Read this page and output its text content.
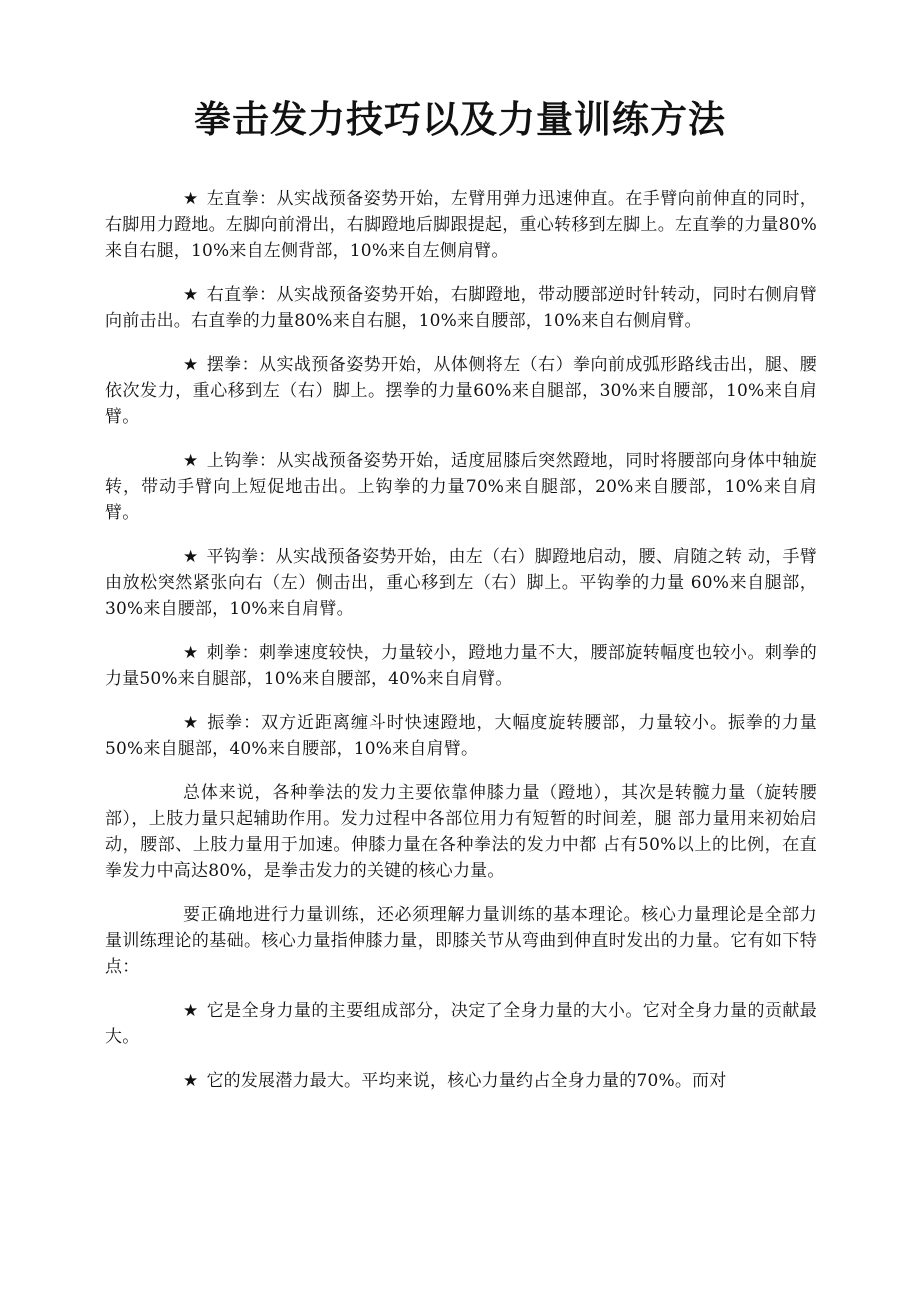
拳击发力技巧以及力量训练方法

★ 左直拳：从实战预备姿势开始，左臂用弹力迅速伸直。在手臂向前伸直的同时，右脚用力蹬地。左脚向前滑出，右脚蹬地后脚跟提起，重心转移到左脚上。左直拳的力量80%来自右腿，10%来自左侧背部，10%来自左侧肩臂。

★ 右直拳：从实战预备姿势开始，右脚蹬地，带动腰部逆时针转动，同时右侧肩臂向前击出。右直拳的力量80%来自右腿，10%来自腰部，10%来自右侧肩臂。

★ 摆拳：从实战预备姿势开始，从体侧将左（右）拳向前成弧形路线击出，腿、腰依次发力，重心移到左（右）脚上。摆拳的力量60%来自腿部，30%来自腰部，10%来自肩臂。

★ 上钩拳：从实战预备姿势开始，适度屈膝后突然蹬地，同时将腰部向身体中轴旋转，带动手臂向上短促地击出。上钩拳的力量70%来自腿部，20%来自腰部，10%来自肩臂。

★ 平钩拳：从实战预备姿势开始，由左（右）脚蹬地启动，腰、肩随之转 动，手臂由放松突然紧张向右（左）侧击出，重心移到左（右）脚上。平钩拳的力量 60%来自腿部，30%来自腰部，10%来自肩臂。

★ 刺拳：刺拳速度较快，力量较小，蹬地力量不大，腰部旋转幅度也较小。刺拳的力量50%来自腿部，10%来自腰部，40%来自肩臂。

★ 振拳：双方近距离缠斗时快速蹬地，大幅度旋转腰部，力量较小。振拳的力量50%来自腿部，40%来自腰部，10%来自肩臂。

总体来说，各种拳法的发力主要依靠伸膝力量（蹬地），其次是转髋力量（旋转腰部），上肢力量只起辅助作用。发力过程中各部位用力有短暂的时间差，腿 部力量用来初始启动，腰部、上肢力量用于加速。伸膝力量在各种拳法的发力中都 占有50%以上的比例，在直拳发力中高达80%，是拳击发力的关键的核心力量。

要正确地进行力量训练，还必须理解力量训练的基本理论。核心力量理论是全部力量训练理论的基础。核心力量指伸膝力量，即膝关节从弯曲到伸直时发出的力量。它有如下特点：

★ 它是全身力量的主要组成部分，决定了全身力量的大小。它对全身力量的贡献最大。

★ 它的发展潜力最大。平均来说，核心力量约占全身力量的70%。而对
